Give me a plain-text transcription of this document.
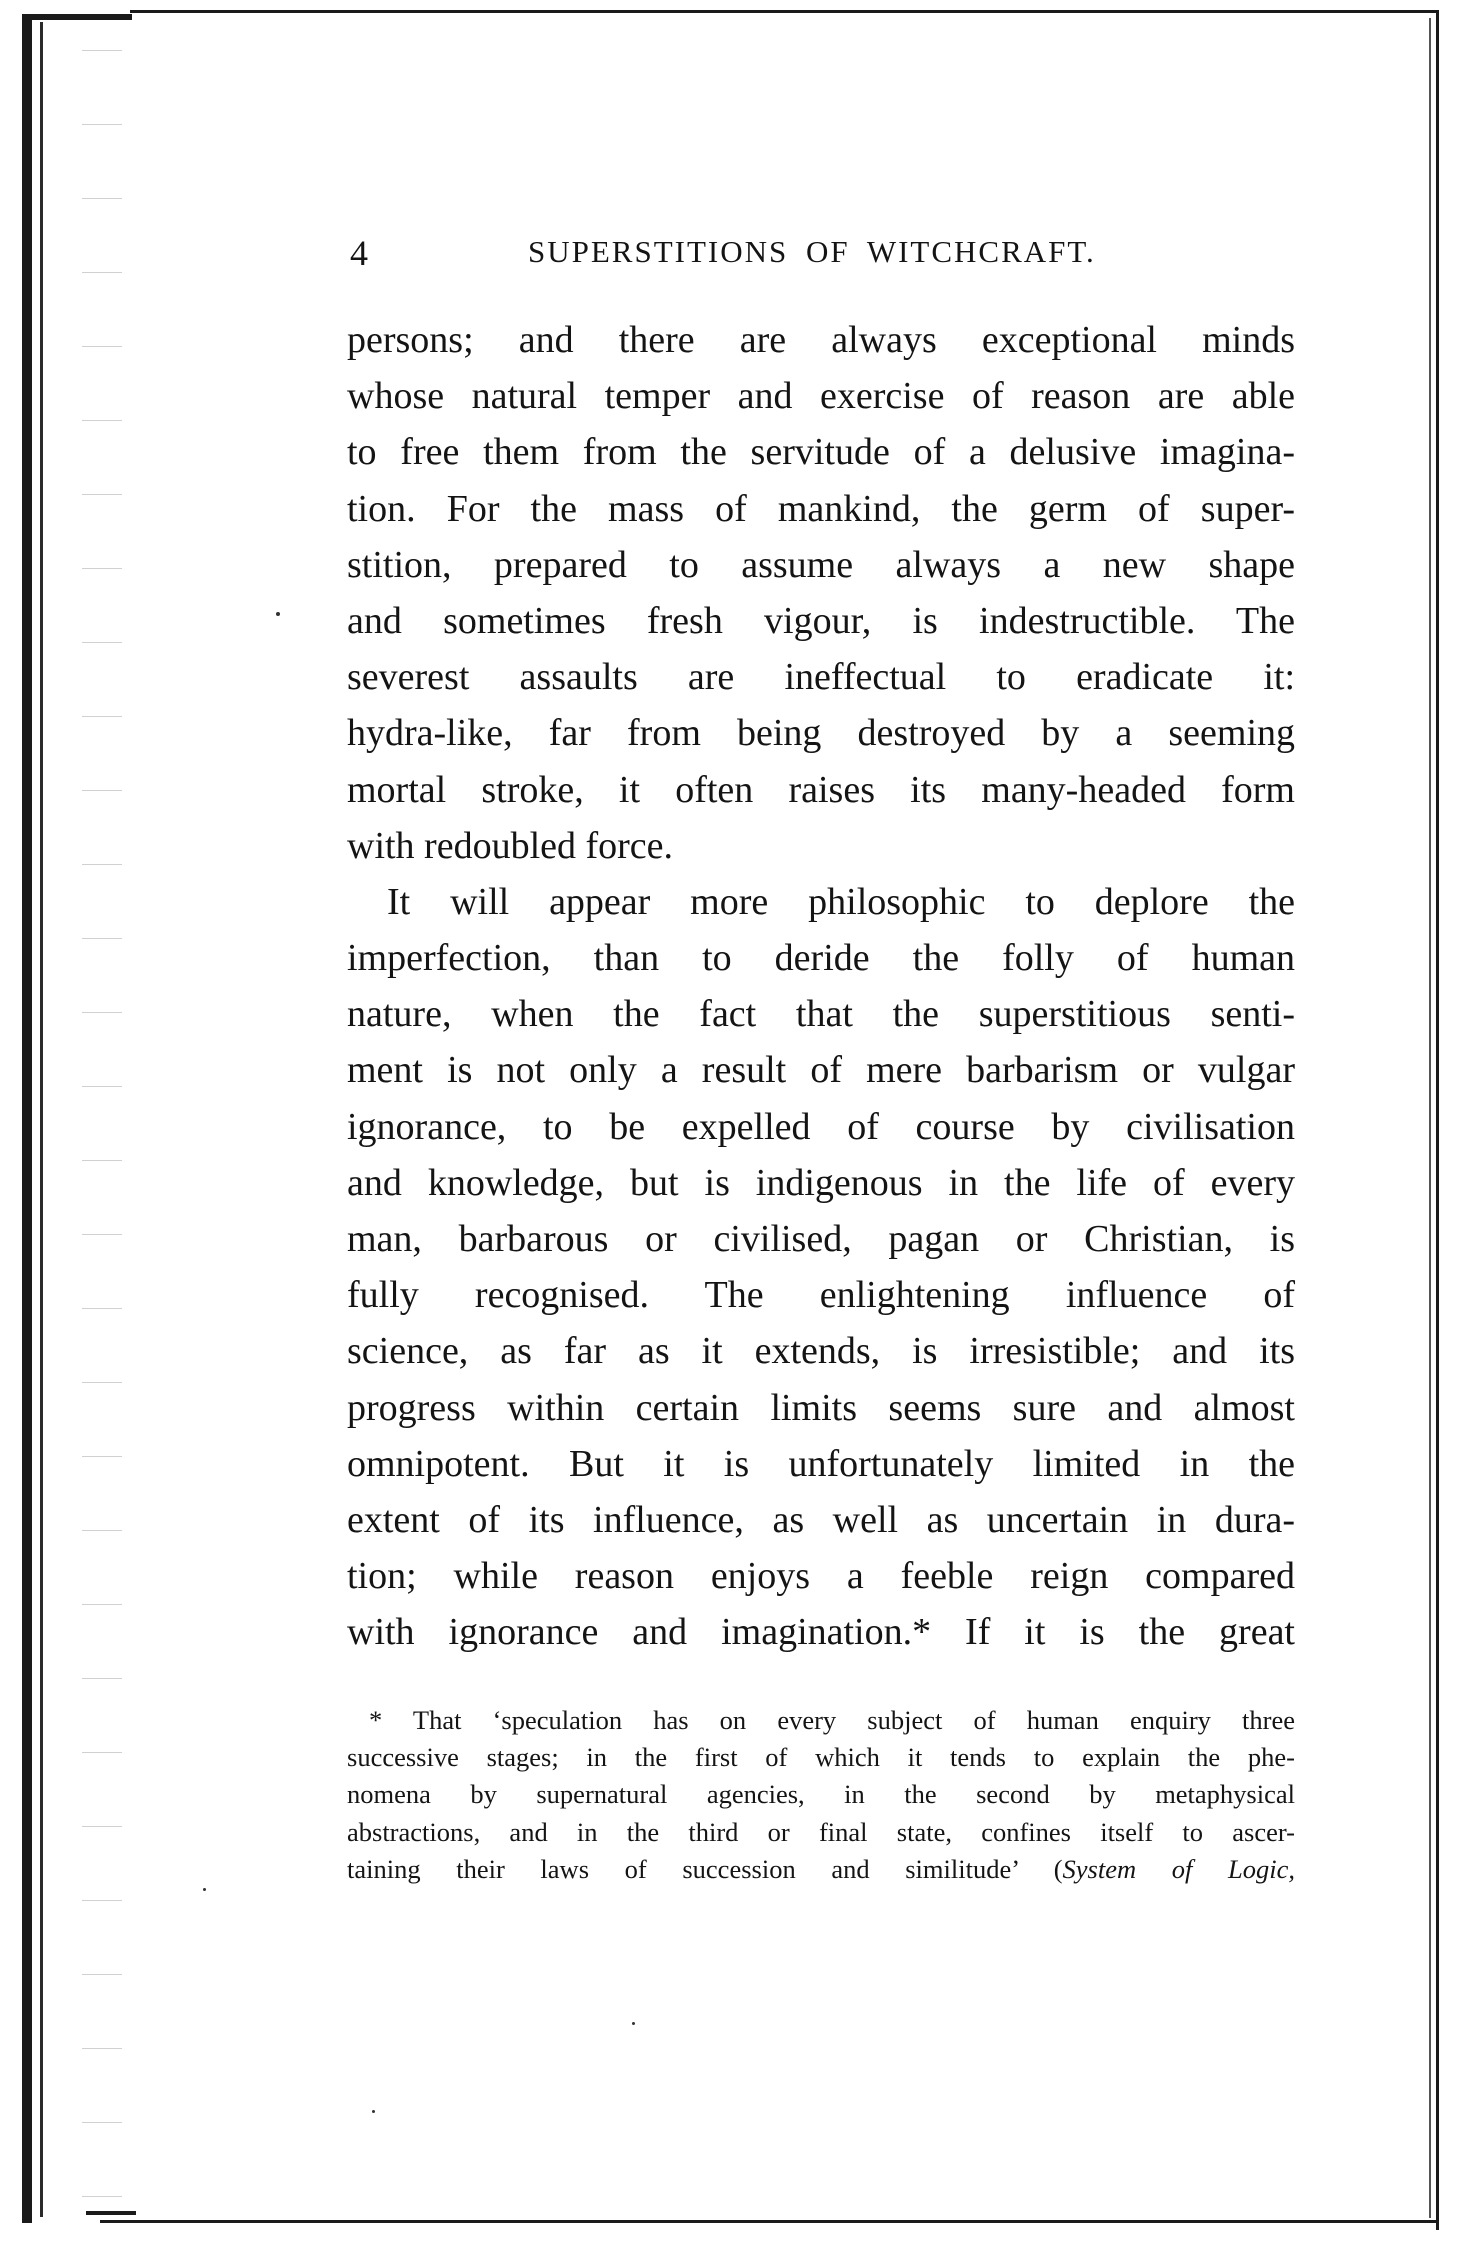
4	SUPERSTITIONS OF WITCHCRAFT.
persons; and there are always exceptional minds
whose natural temper and exercise of reason are able
to free them from the servitude of a delusive imagina-
tion. For the mass of mankind, the germ of super-
stition, prepared to assume always a new shape
and sometimes fresh vigour, is indestructible. The
severest assaults are ineffectual to eradicate it:
hydra-like, far from being destroyed by a seeming
mortal stroke, it often raises its many-headed form
with redoubled force.
It will appear more philosophic to deplore the
imperfection, than to deride the folly of human
nature, when the fact that the superstitious senti-
ment is not only a result of mere barbarism or vulgar
ignorance, to be expelled of course by civilisation
and knowledge, but is indigenous in the life of every
man, barbarous or civilised, pagan or Christian, is
fully recognised. The enlightening influence of
science, as far as it extends, is irresistible; and its
progress within certain limits seems sure and almost
omnipotent. But it is unfortunately limited in the
extent of its influence, as well as uncertain in dura-
tion; while reason enjoys a feeble reign compared
with ignorance and imagination.* If it is the great
* That ‘speculation has on every subject of human enquiry three
successive stages; in the first of which it tends to explain the phe-
nomena by supernatural agencies, in the second by metaphysical
abstractions, and in the third or final state, confines itself to ascer-
taining their laws of succession and similitude’ (System of Logic,
